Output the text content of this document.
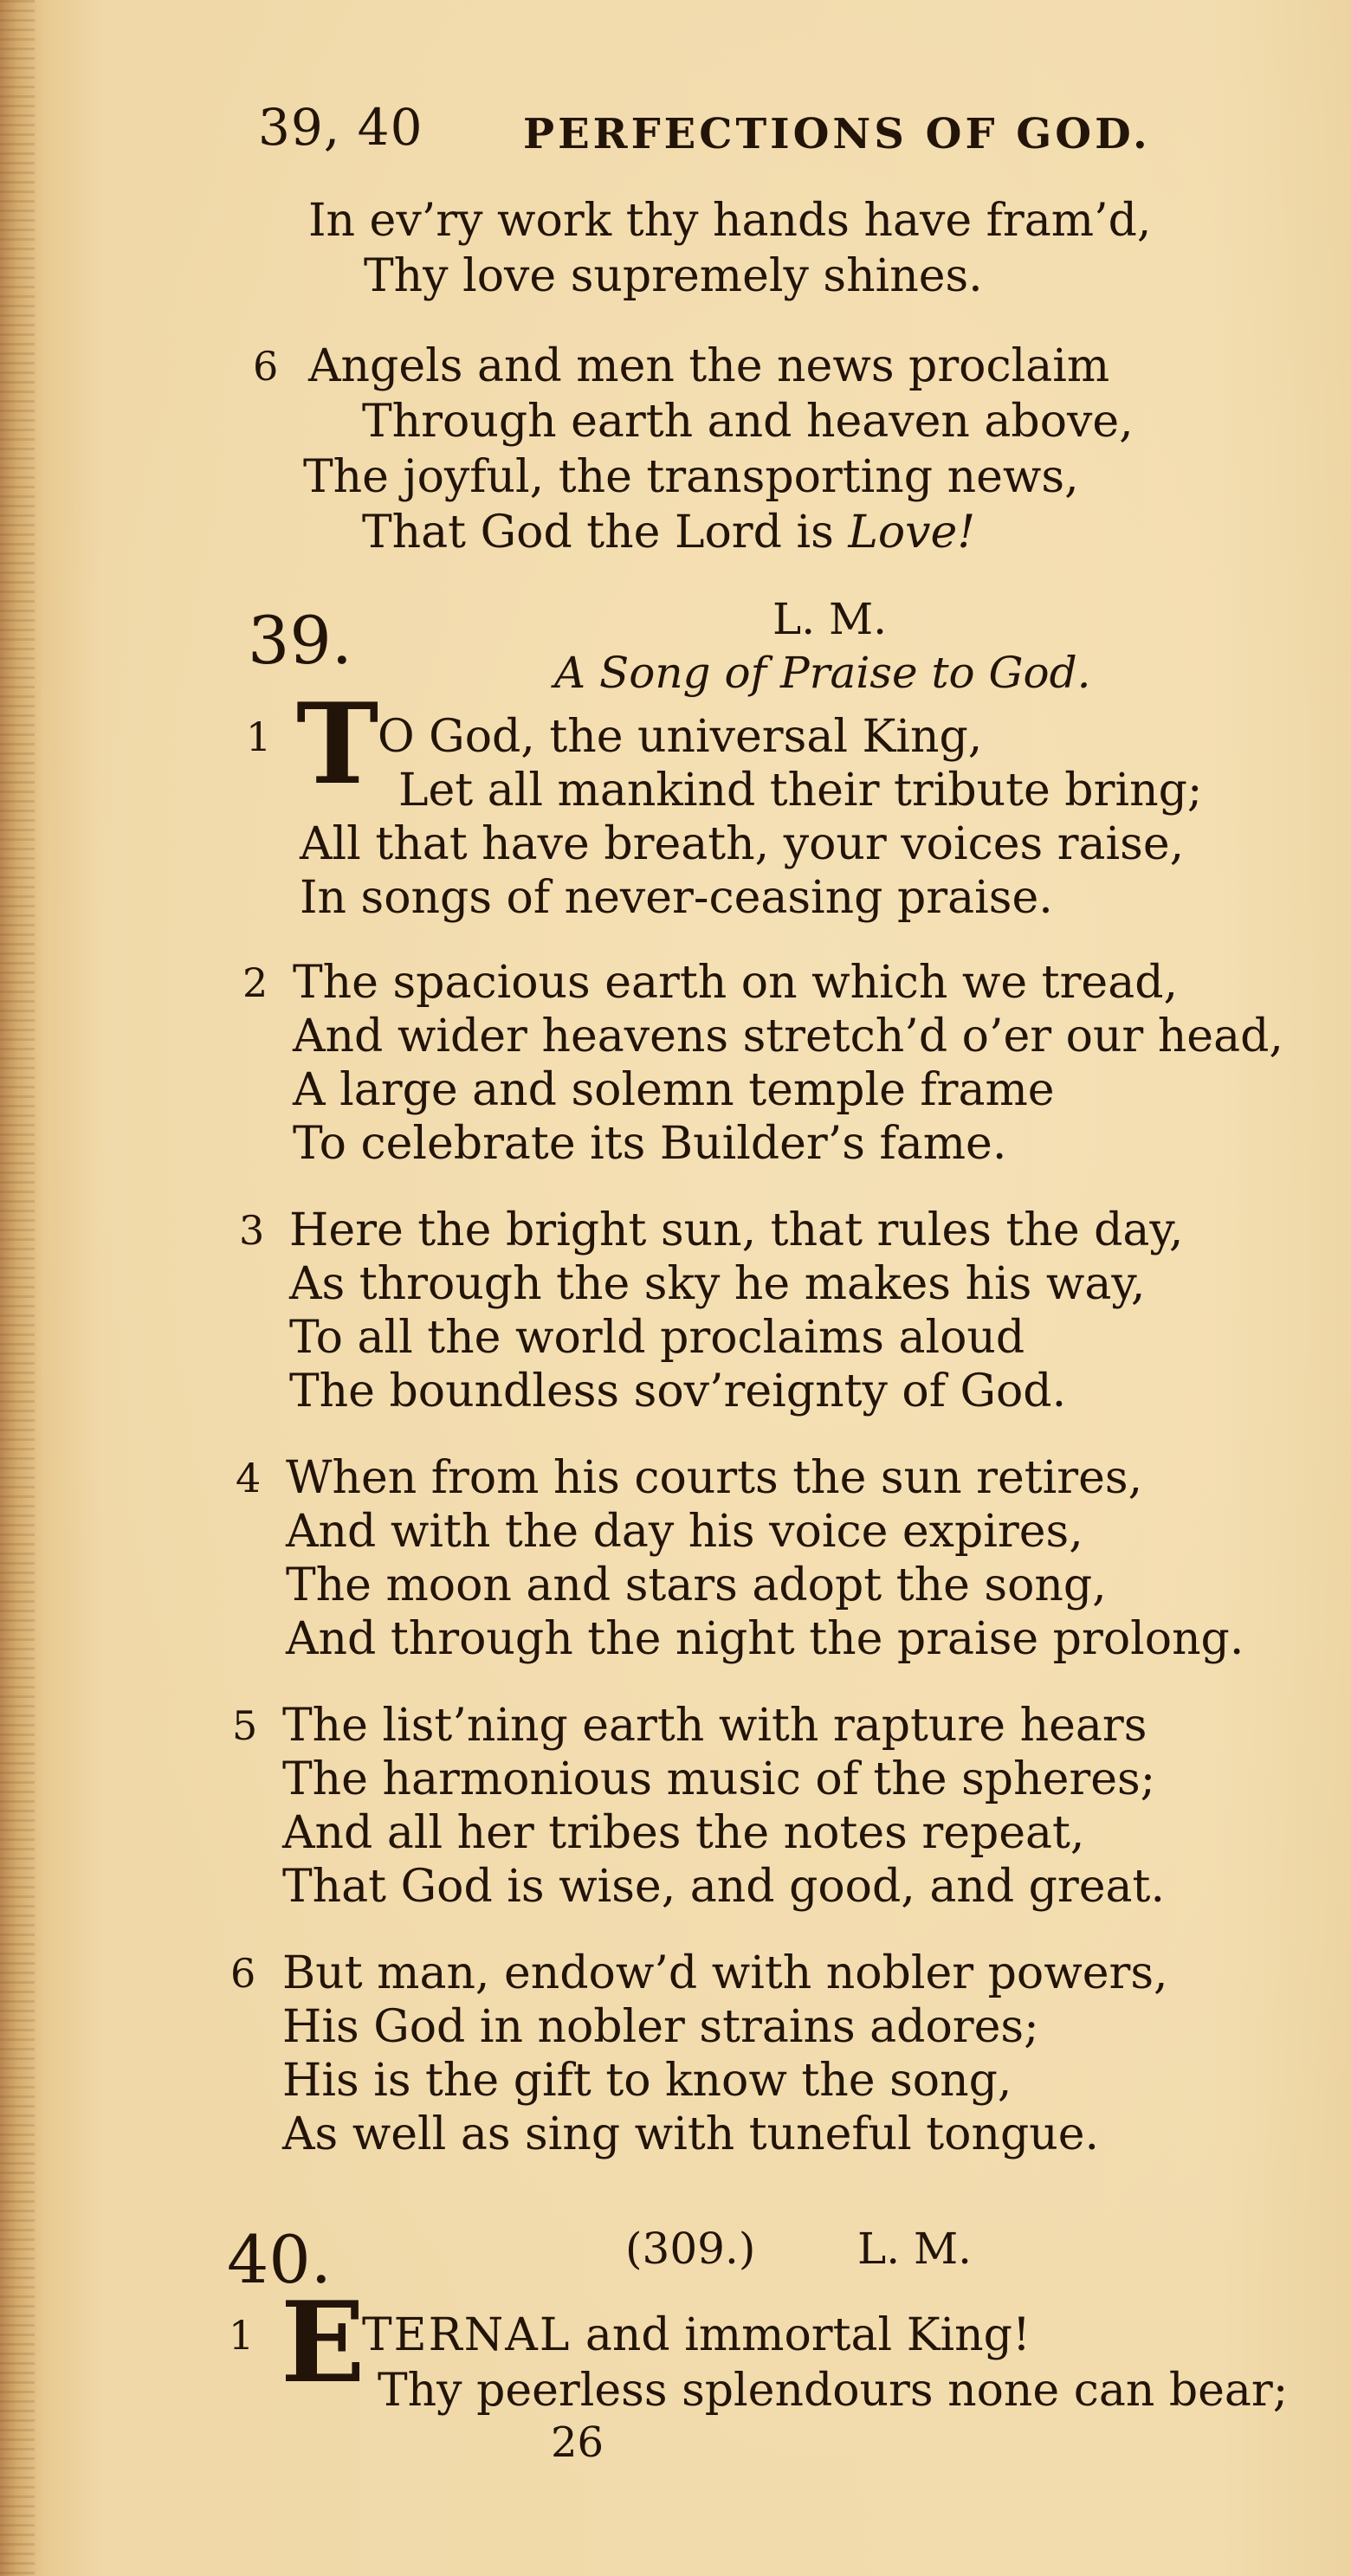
39, 40 PERFECTIONS OF GOD.
In ev’ry work thy hands have fram’d,
Thy love supremely shines.
6 Angels and men the news proclaim
Through earth and heaven above,
The joyful, the transporting news,
That God the Lord is Love!
39.	L. M.
A Song of Praise to God.
1 T
O God, the universal King,
Let all mankind their tribute bring;
All that have breath, your voices raise,
In songs of never-ceasing praise.
2 The spacious earth on which we tread,
And wider heavens stretch’d o’er our head,
A large and solemn temple frame
To celebrate its Builder’s fame.
3 Here the bright sun, that rules the day,
As through the sky he makes his way,
To all the world proclaims aloud
The boundless sov’reignty of God.
4 When from his courts the sun retires,
And with the day his voice expires,
The moon and stars adopt the song,
And through the night the praise prolong.
5 The list’ning earth with rapture hears
The harmonious music of the spheres;
And all her tribes the notes repeat,
That God is wise, and good, and great.
6 But man, endow’d with nobler powers,
His God in nobler strains adores;
His is the gift to know the song,
As well as sing with tuneful tongue.
40.	(309.) L. M.
1 E
TERNAL and immortal King!
Thy peerless splendours none can bear;
26
